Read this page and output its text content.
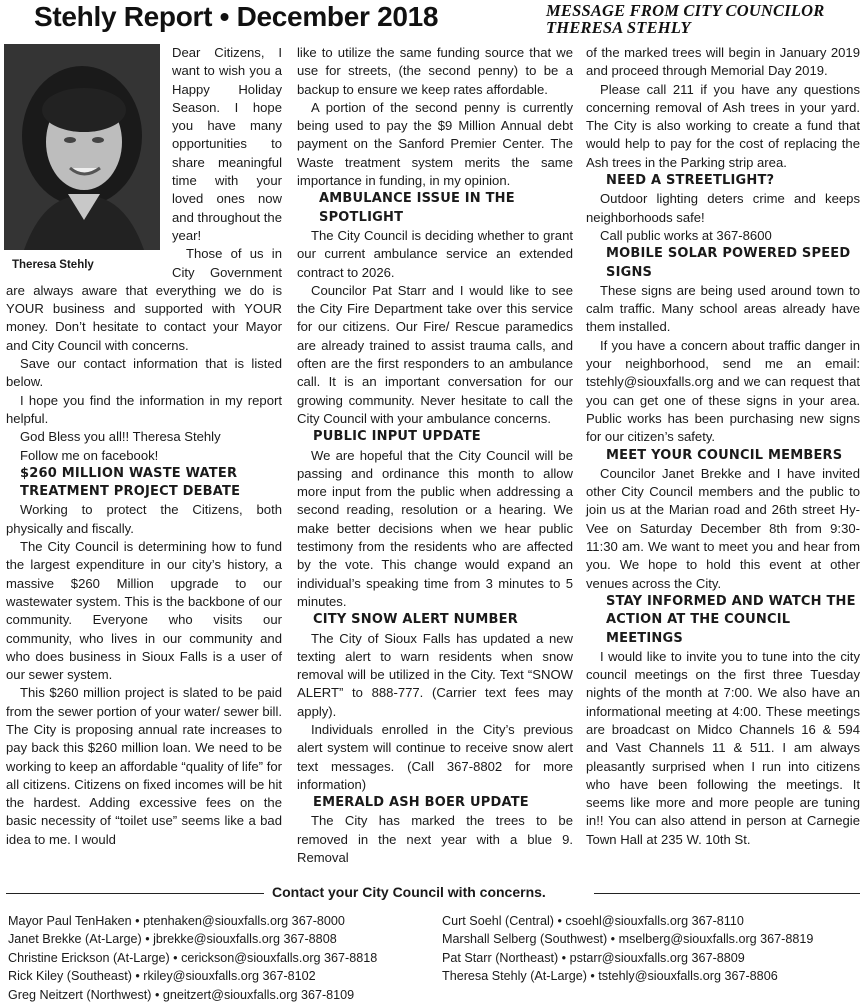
Stehly Report • December 2018	MESSAGE FROM CITY COUNCILOR
THERESA STEHLY
Theresa Stehly

Dear Citizens, I want to wish you a Happy Holiday Season. I hope you have many opportunities to share meaningful time with your loved ones now and throughout the year!

Those of us in City Government are always aware that everything we do is YOUR business and supported with YOUR money. Don’t hesitate to contact your Mayor and City Council with concerns.

Save our contact information that is listed below.

I hope you find the information in my report helpful.

God Bless you all!! Theresa Stehly

Follow me on facebook!

$260 MILLION WASTE WATER TREATMENT PROJECT DEBATE

Working to protect the Citizens, both physically and fiscally.

The City Council is determining how to fund the largest expenditure in our city’s history, a massive $260 Million upgrade to our wastewater system. This is the backbone of our community. Everyone who visits our community, who lives in our community and who does business in Sioux Falls is a user of our sewer system.

This $260 million project is slated to be paid from the sewer portion of your water/ sewer bill. The City is proposing annual rate increases to pay back this $260 million loan. We need to be working to keep an affordable “quality of life” for all citizens. Citizens on fixed incomes will be hit the hardest. Adding excessive fees on the basic necessity of “toilet use” seems like a bad idea to me. I would

like to utilize the same funding source that we use for streets, (the second penny) to be a backup to ensure we keep rates affordable.

A portion of the second penny is currently being used to pay the $9 Million Annual debt payment on the Sanford Premier Center. The Waste treatment system merits the same importance in funding, in my opinion.

AMBULANCE ISSUE IN THE SPOTLIGHT

The City Council is deciding whether to grant our current ambulance service an extended contract to 2026.

Councilor Pat Starr and I would like to see the City Fire Department take over this service for our citizens. Our Fire/ Rescue paramedics are already trained to assist trauma calls, and often are the first responders to an ambulance call. It is an important conversation for our growing community. Never hesitate to call the City Council with your ambulance concerns.

PUBLIC INPUT UPDATE

We are hopeful that the City Council will be passing and ordinance this month to allow more input from the public when addressing a second reading, resolution or a hearing. We make better decisions when we hear public testimony from the residents who are affected by the vote. This change would expand an individual’s speaking time from 3 minutes to 5 minutes.

CITY SNOW ALERT NUMBER

The City of Sioux Falls has updated a new texting alert to warn residents when snow removal will be utilized in the City. Text “SNOW ALERT” to 888-777. (Carrier text fees may apply).

Individuals enrolled in the City’s previous alert system will continue to receive snow alert text messages. (Call 367-8802 for more information)

EMERALD ASH BOER UPDATE

The City has marked the trees to be removed in the next year with a blue 9. Removal

of the marked trees will begin in January 2019 and proceed through Memorial Day 2019.

Please call 211 if you have any questions concerning removal of Ash trees in your yard. The City is also working to create a fund that would help to pay for the cost of replacing the Ash trees in the Parking strip area.

NEED A STREETLIGHT?

Outdoor lighting deters crime and keeps neighborhoods safe!

Call public works at 367-8600

MOBILE SOLAR POWERED SPEED SIGNS

These signs are being used around town to calm traffic. Many school areas already have them installed.

If you have a concern about traffic danger in your neighborhood, send me an email: tstehly@siouxfalls.org and we can request that you can get one of these signs in your area. Public works has been purchasing new signs for our citizen’s safety.

MEET YOUR COUNCIL MEMBERS

Councilor Janet Brekke and I have invited other City Council members and the public to join us at the Marian road and 26th street Hy-Vee on Saturday December 8th from 9:30-11:30 am. We want to meet you and hear from you. We hope to hold this event at other venues across the City.

STAY INFORMED AND WATCH THE ACTION AT THE COUNCIL MEETINGS

I would like to invite you to tune into the city council meetings on the first three Tuesday nights of the month at 7:00. We also have an informational meeting at 4:00. These meetings are broadcast on Midco Channels 16 & 594 and Vast Channels 11 & 511. I am always pleasantly surprised when I run into citizens who have been following the meetings. It seems like more and more people are tuning in!! You can also attend in person at Carnegie Town Hall at 235 W. 10th St.

Contact your City Council with concerns.
Mayor Paul TenHaken • ptenhaken@siouxfalls.org 367-8000
Janet Brekke (At-Large) • jbrekke@siouxfalls.org 367-8808
Christine Erickson (At-Large) • cerickson@siouxfalls.org 367-8818
Rick Kiley (Southeast) • rkiley@siouxfalls.org 367-8102
Greg Neitzert (Northwest) • gneitzert@siouxfalls.org 367-8109
Curt Soehl (Central) • csoehl@siouxfalls.org 367-8110
Marshall Selberg (Southwest) • mselberg@siouxfalls.org 367-8819
Pat Starr (Northeast) • pstarr@siouxfalls.org 367-8809
Theresa Stehly (At-Large) • tstehly@siouxfalls.org 367-8806
